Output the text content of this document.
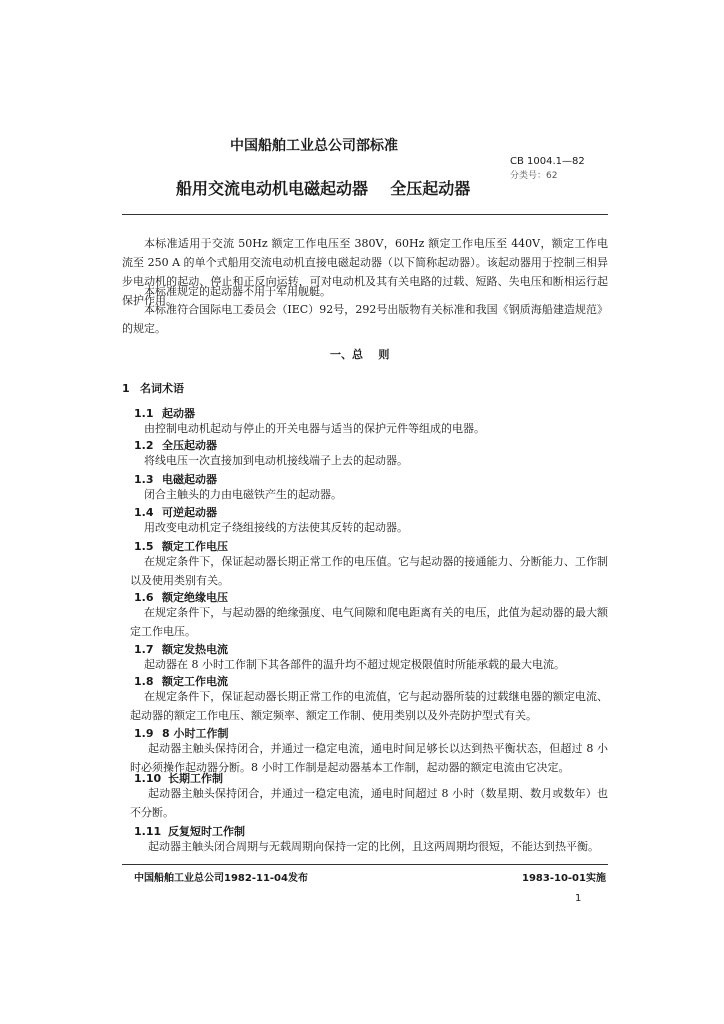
中国船舶工业总公司部标准
CB 1004.1—82
分类号：62
船用交流电动机电磁起动器    全压起动器
本标准适用于交流 50Hz 额定工作电压至 380V，60Hz 额定工作电压至 440V，额定工作电流至 250 A 的单个式船用交流电动机直接电磁起动器（以下简称起动器）。该起动器用于控制三相异步电动机的起动、停止和正反向运转，可对电动机及其有关电路的过载、短路、失电压和断相运行起保护作用。
本标准规定的起动器不用于军用舰艇。
本标准符合国际电工委员会（IEC）92号，292号出版物有关标准和我国《钢质海船建造规范》的规定。
一、总    则
1 名词术语
1.1 起动器
由控制电动机起动与停止的开关电器与适当的保护元件等组成的电器。
1.2 全压起动器
将线电压一次直接加到电动机接线端子上去的起动器。
1.3 电磁起动器
闭合主触头的力由电磁铁产生的起动器。
1.4 可逆起动器
用改变电动机定子绕组接线的方法使其反转的起动器。
1.5 额定工作电压
在规定条件下，保证起动器长期正常工作的电压值。它与起动器的接通能力、分断能力、工作制以及使用类别有关。
1.6 额定绝缘电压
在规定条件下，与起动器的绝缘强度、电气间隙和爬电距离有关的电压，此值为起动器的最大额定工作电压。
1.7 额定发热电流
起动器在 8 小时工作制下其各部件的温升均不超过规定极限值时所能承载的最大电流。
1.8 额定工作电流
在规定条件下，保证起动器长期正常工作的电流值，它与起动器所装的过载继电器的额定电流、起动器的额定工作电压、额定频率、额定工作制、使用类别以及外壳防护型式有关。
1.9 8 小时工作制
起动器主触头保持闭合，并通过一稳定电流，通电时间足够长以达到热平衡状态，但超过 8 小时必须操作起动器分断。8 小时工作制是起动器基本工作制，起动器的额定电流由它决定。
1.10 长期工作制
起动器主触头保持闭合，并通过一稳定电流，通电时间超过 8 小时（数星期、数月或数年）也不分断。
1.11 反复短时工作制
起动器主触头闭合周期与无载周期向保持一定的比例，且这两周期均很短，不能达到热平衡。
中国船舶工业总公司1982-11-04发布	1983-10-01实施
1
